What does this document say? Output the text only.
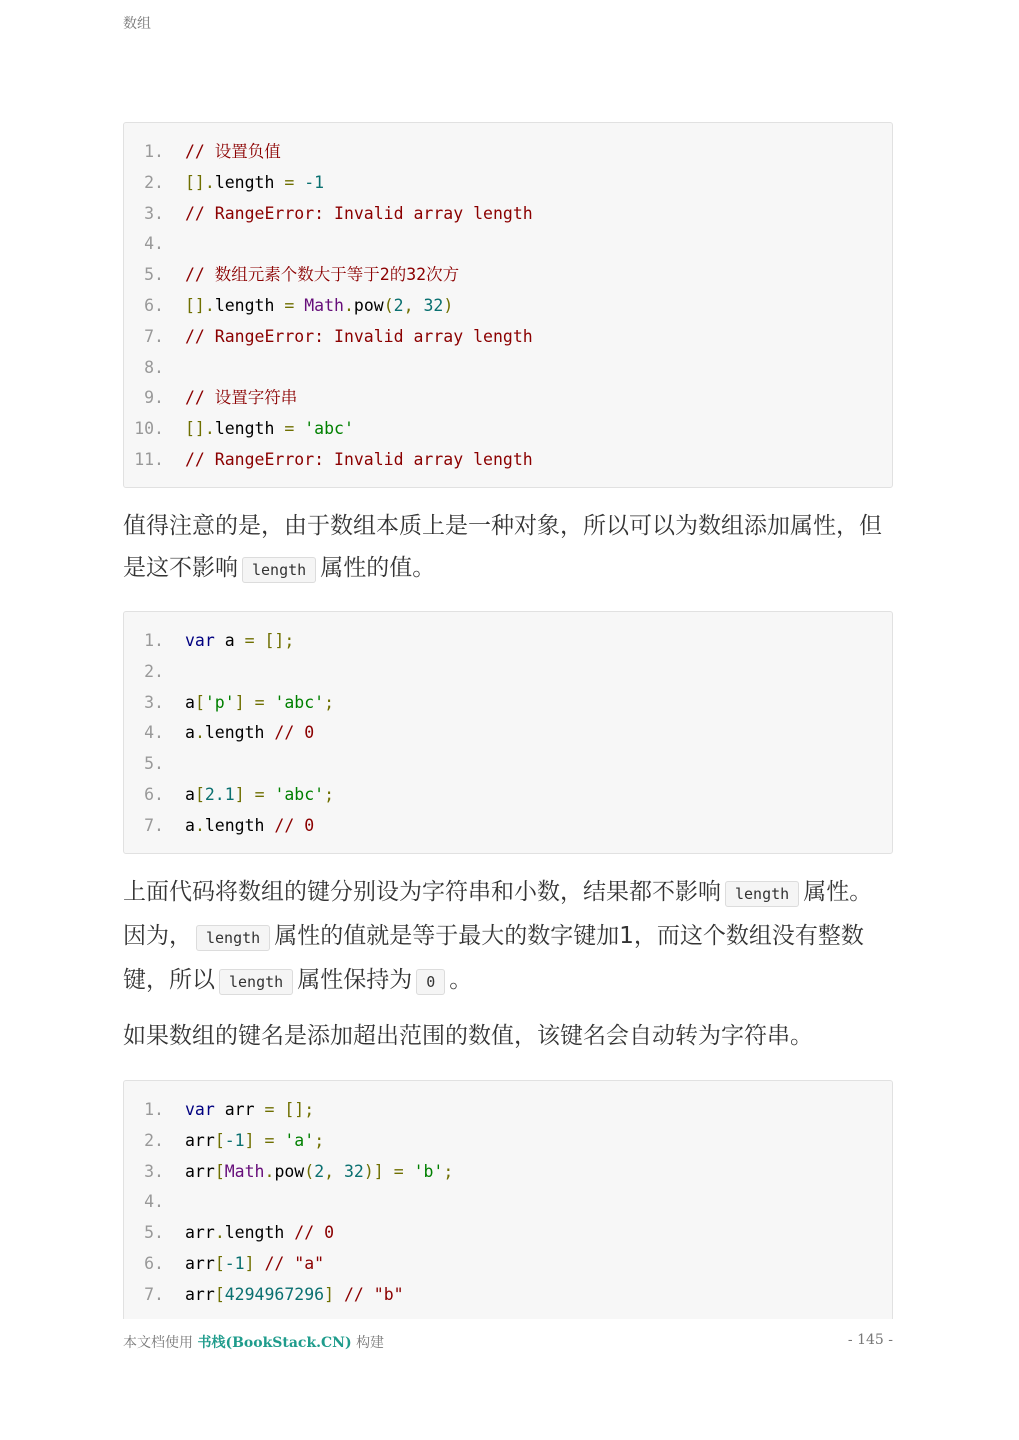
数组
1. // 设置负值
2. [].length = -1
3. // RangeError: Invalid array length
4.
5. // 数组元素个数大于等于2的32次方
6. [].length = Math.pow(2, 32)
7. // RangeError: Invalid array length
8.
9. // 设置字符串
10. [].length = 'abc'
11. // RangeError: Invalid array length
值得注意的是，由于数组本质上是一种对象，所以可以为数组添加属性，但是这不影响 length 属性的值。
1. var a = [];
2.
3. a['p'] = 'abc';
4. a.length // 0
5.
6. a[2.1] = 'abc';
7. a.length // 0
上面代码将数组的键分别设为字符串和小数，结果都不影响 length 属性。因为， length 属性的值就是等于最大的数字键加1，而这个数组没有整数键，所以 length 属性保持为 0 。
如果数组的键名是添加超出范围的数值，该键名会自动转为字符串。
1. var arr = [];
2. arr[-1] = 'a';
3. arr[Math.pow(2, 32)] = 'b';
4.
5. arr.length // 0
6. arr[-1] // "a"
7. arr[4294967296] // "b"
本文档使用 书栈(BookStack.CN) 构建	- 145 -
